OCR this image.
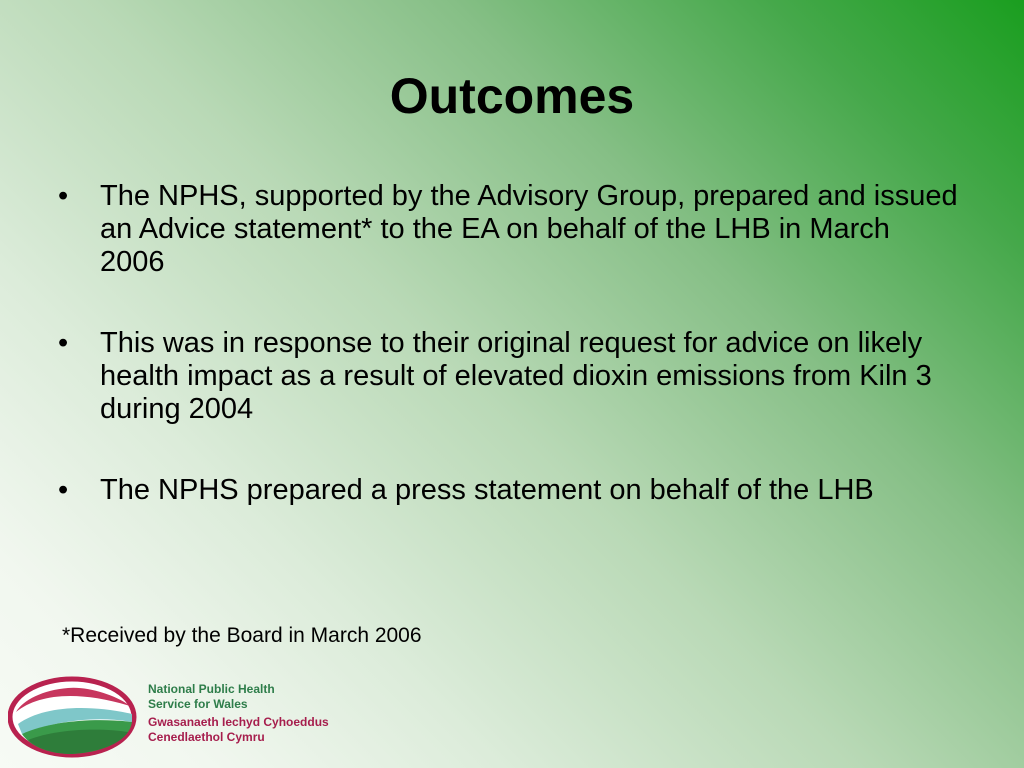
Outcomes
• The NPHS, supported by the Advisory Group, prepared and issued an Advice statement* to the EA on behalf of the LHB in March 2006
• This was in response to their original request for advice on likely health impact as a result of elevated dioxin emissions from Kiln 3 during 2004
• The NPHS prepared a press statement on behalf of the LHB
*Received by the Board in March 2006
National Public Health
Service for Wales
Gwasanaeth Iechyd Cyhoeddus
Cenedlaethol Cymru
